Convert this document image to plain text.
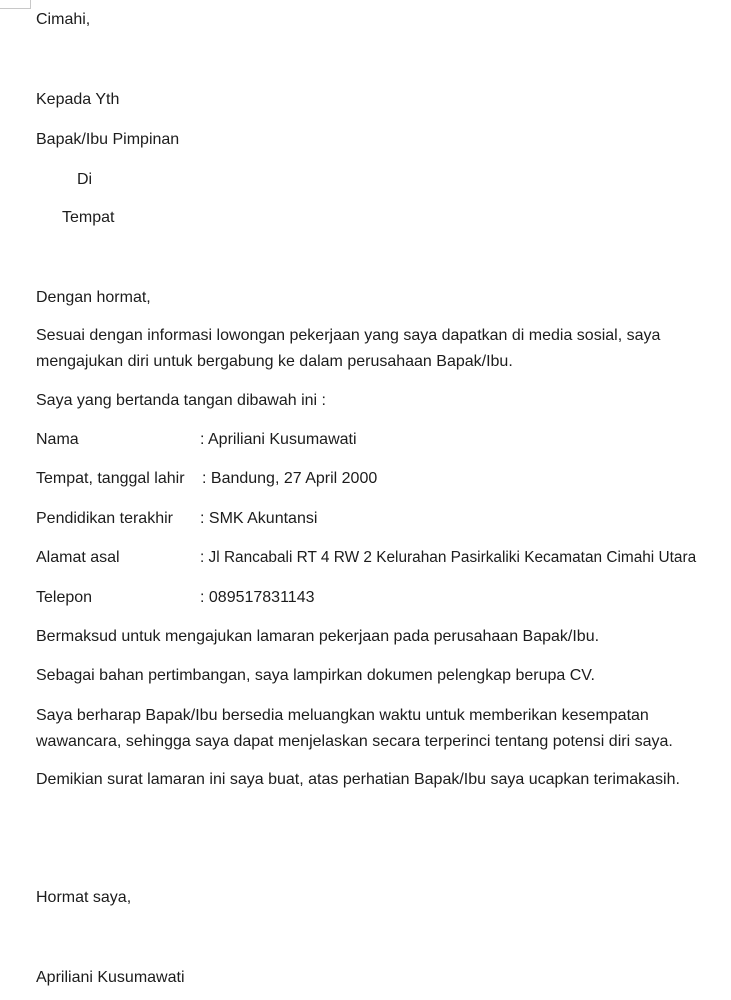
Cimahi,
Kepada Yth
Bapak/Ibu Pimpinan
Di
Tempat
Dengan hormat,
Sesuai dengan informasi lowongan pekerjaan yang saya dapatkan di media sosial, saya mengajukan diri untuk bergabung ke dalam perusahaan Bapak/Ibu.
Saya yang bertanda tangan dibawah ini :
Nama	: Apriliani Kusumawati
Tempat, tanggal lahir : Bandung, 27 April 2000
Pendidikan terakhir : SMK Akuntansi
Alamat asal	: Jl Rancabali RT 4 RW 2 Kelurahan Pasirkaliki Kecamatan Cimahi Utara
Telepon	: 089517831143
Bermaksud untuk mengajukan lamaran pekerjaan pada perusahaan Bapak/Ibu.
Sebagai bahan pertimbangan, saya lampirkan dokumen pelengkap berupa CV.
Saya berharap Bapak/Ibu bersedia meluangkan waktu untuk memberikan kesempatan wawancara, sehingga saya dapat menjelaskan secara terperinci tentang potensi diri saya.
Demikian surat lamaran ini saya buat, atas perhatian Bapak/Ibu saya ucapkan terimakasih.
Hormat saya,
Apriliani Kusumawati
